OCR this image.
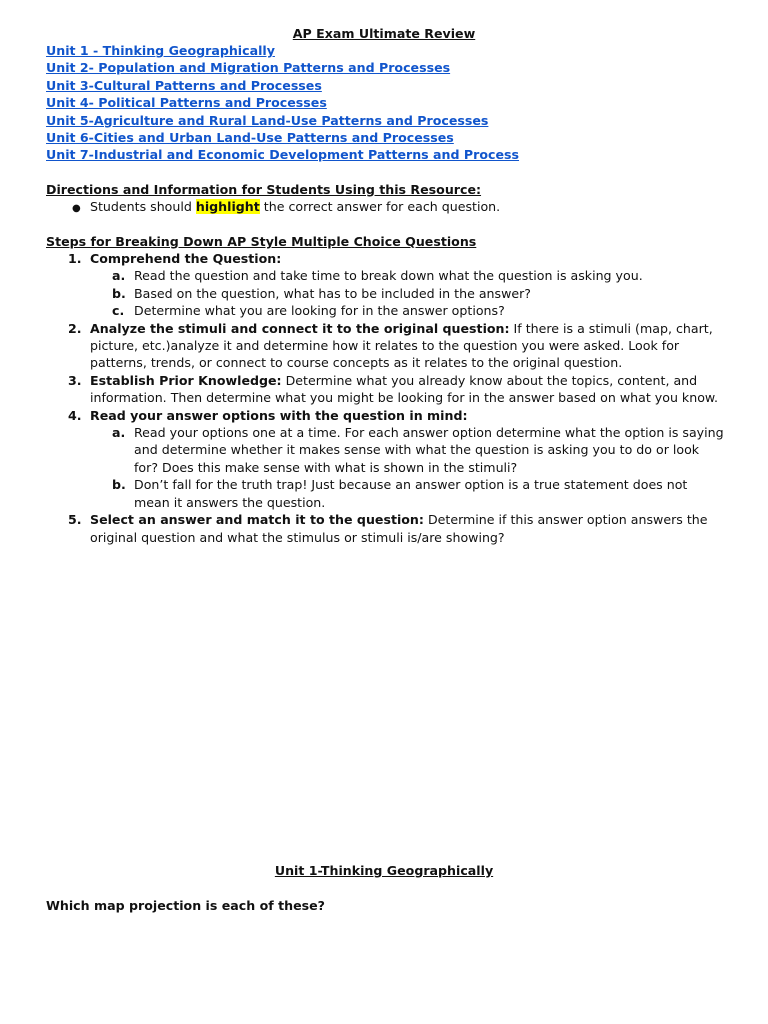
AP Exam Ultimate Review
Unit 1 - Thinking Geographically
Unit 2- Population and Migration Patterns and Processes
Unit 3-Cultural Patterns and Processes
Unit 4- Political Patterns and Processes
Unit 5-Agriculture and Rural Land-Use Patterns and Processes
Unit 6-Cities and Urban Land-Use Patterns and Processes
Unit 7-Industrial and Economic Development Patterns and Process
Directions and Information for Students Using this Resource:
● Students should highlight the correct answer for each question.
Steps for Breaking Down AP Style Multiple Choice Questions
1. Comprehend the Question:
a. Read the question and take time to break down what the question is asking you.
b. Based on the question, what has to be included in the answer?
c. Determine what you are looking for in the answer options?
2. Analyze the stimuli and connect it to the original question: If there is a stimuli (map, chart, picture, etc.)analyze it and determine how it relates to the question you were asked. Look for patterns, trends, or connect to course concepts as it relates to the original question.
3. Establish Prior Knowledge: Determine what you already know about the topics, content, and information. Then determine what you might be looking for in the answer based on what you know.
4. Read your answer options with the question in mind:
a. Read your options one at a time. For each answer option determine what the option is saying and determine whether it makes sense with what the question is asking you to do or look for? Does this make sense with what is shown in the stimuli?
b. Don’t fall for the truth trap! Just because an answer option is a true statement does not mean it answers the question.
5. Select an answer and match it to the question: Determine if this answer option answers the original question and what the stimulus or stimuli is/are showing?
Unit 1-Thinking Geographically
Which map projection is each of these?
